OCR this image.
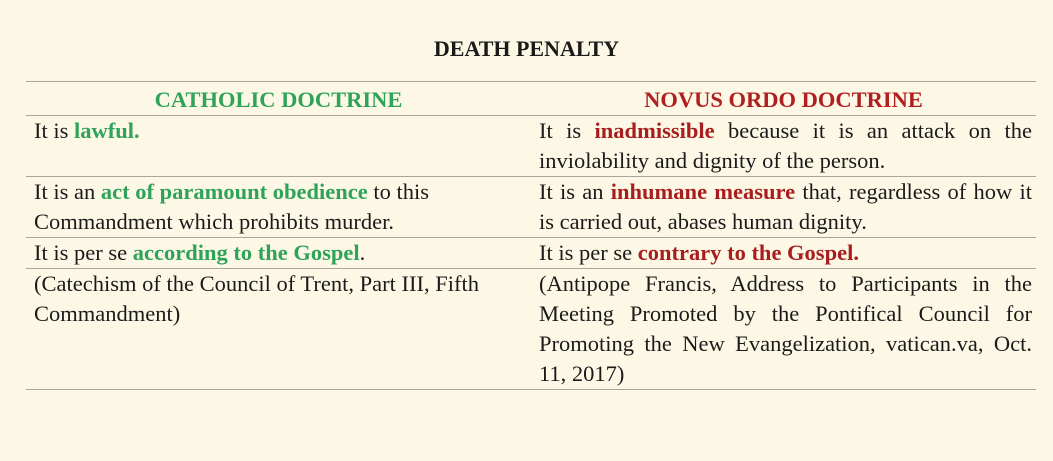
DEATH PENALTY
CATHOLIC DOCTRINE	NOVUS ORDO DOCTRINE
It is lawful.	It is inadmissible because it is an attack on the inviolability and dignity of the person.
It is an act of paramount obedience to this Commandment which prohibits murder.	It is an inhumane measure that, regardless of how it is carried out, abases human dignity.
It is per se according to the Gospel.	It is per se contrary to the Gospel.
(Catechism of the Council of Trent, Part III, Fifth Commandment)	(Antipope Francis, Address to Participants in the Meeting Promoted by the Pontifical Council for Promoting the New Evangelization, vatican.va, Oct. 11, 2017)
